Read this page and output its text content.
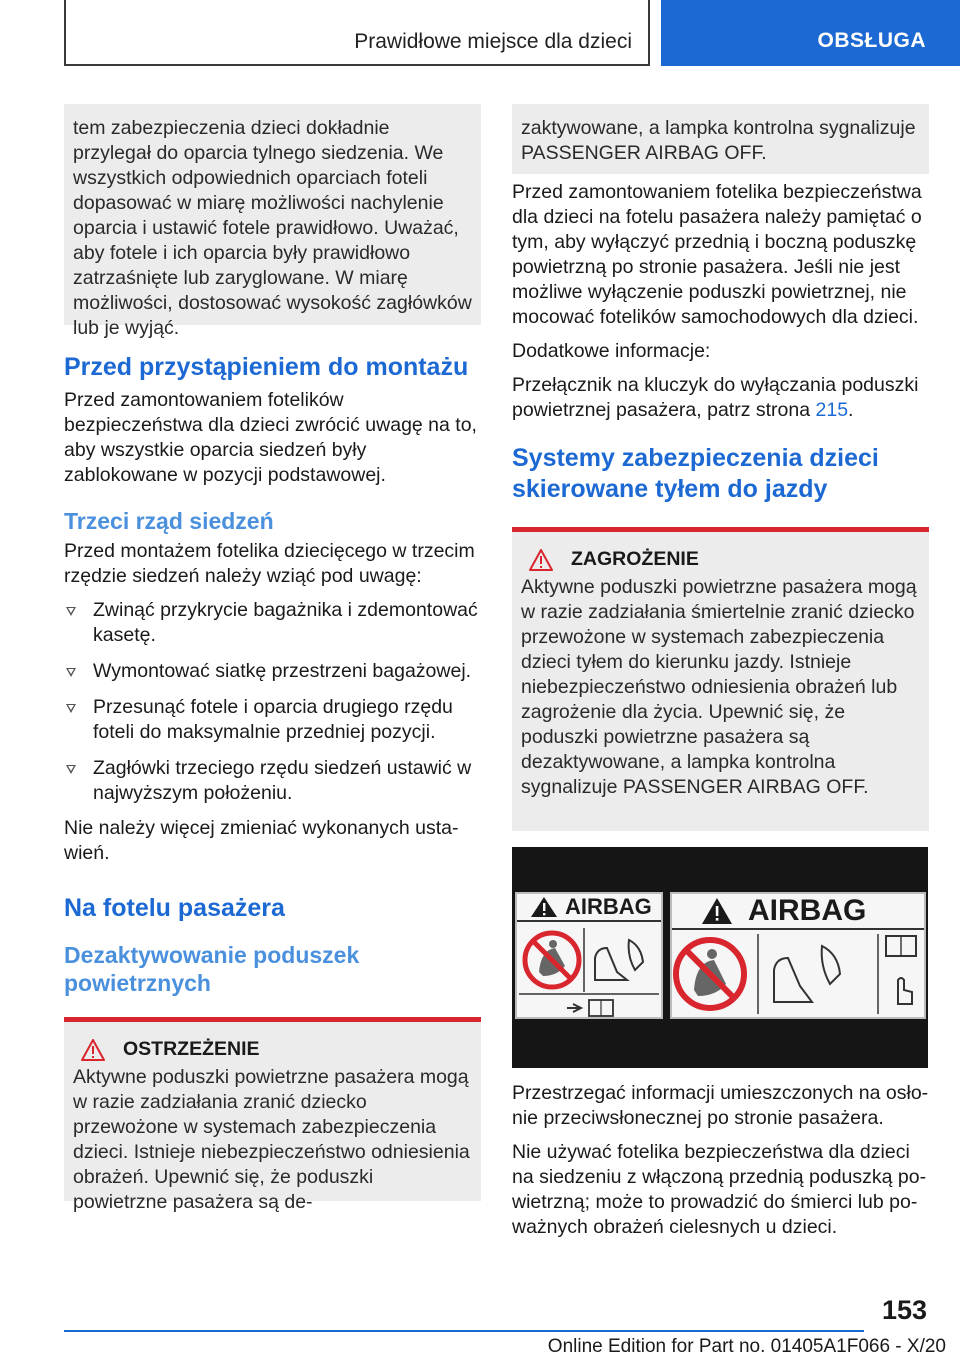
Prawidłowe miejsce dla dzieci	OBSŁUGA
tem zabezpieczenia dzieci dokładnie przylegał do oparcia tylnego siedzenia. We wszystkich odpowiednich oparciach foteli dopasować w miarę możliwości nachylenie oparcia i ustawić fotele prawidłowo. Uważać, aby fotele i ich oparcia były prawidłowo zatrzaśnięte lub zaryglowane. W miarę możliwości, dostosować wysokość zagłówków lub je wyjąć.
Przed przystąpieniem do montażu

Przed zamontowaniem fotelików bezpieczeństwa dla dzieci zwrócić uwagę na to, aby wszystkie oparcia siedzeń były zablokowane w pozycji podstawowej.

Trzeci rząd siedzeń

Przed montażem fotelika dziecięcego w trzecim rzędzie siedzeń należy wziąć pod uwagę:

Zwinąć przykrycie bagażnika i zdemontować kasetę.
Wymontować siatkę przestrzeni bagażowej.
Przesunąć fotele i oparcia drugiego rzędu foteli do maksymalnie przedniej pozycji.
Zagłówki trzeciego rzędu siedzeń ustawić w najwyższym położeniu.

Nie należy więcej zmieniać wykonanych ustawień.

Na fotelu pasażera
Dezaktywowanie poduszek powietrznych
OSTRZEŻENIE
Aktywne poduszki powietrzne pasażera mogą w razie zadziałania zranić dziecko przewożone w systemach zabezpieczenia dzieci. Istnieje niebezpieczeństwo odniesienia obrażeń. Upewnić się, że poduszki powietrzne pasażera są de-
zaktywowane, a lampka kontrolna sygnalizuje PASSENGER AIRBAG OFF.

Przed zamontowaniem fotelika bezpieczeństwa dla dzieci na fotelu pasażera należy pamiętać o tym, aby wyłączyć przednią i boczną poduszkę powietrzną po stronie pasażera. Jeśli nie jest możliwe wyłączenie poduszki powietrznej, nie mocować fotelików samochodowych dla dzieci.

Dodatkowe informacje:

Przełącznik na kluczyk do wyłączania poduszki powietrznej pasażera, patrz strona 215.

Systemy zabezpieczenia dzieci skierowane tyłem do jazdy
ZAGROŻENIE
Aktywne poduszki powietrzne pasażera mogą w razie zadziałania śmiertelnie zranić dziecko przewożone w systemach zabezpieczenia dzieci tyłem do kierunku jazdy. Istnieje niebezpieczeństwo odniesienia obrażeń lub zagrożenie dla życia. Upewnić się, że poduszki powietrzne pasażera są dezaktywowane, a lampka kontrolna sygnalizuje PASSENGER AIRBAG OFF.
AIRBAG	AIRBAG

Przestrzegać informacji umieszczonych na osłonie przeciwsłonecznej po stronie pasażera.

Nie używać fotelika bezpieczeństwa dla dzieci na siedzeniu z włączoną przednią poduszką powietrzną; może to prowadzić do śmierci lub poważnych obrażeń cielesnych u dzieci.

153
Online Edition for Part no. 01405A1F066 - X/20
